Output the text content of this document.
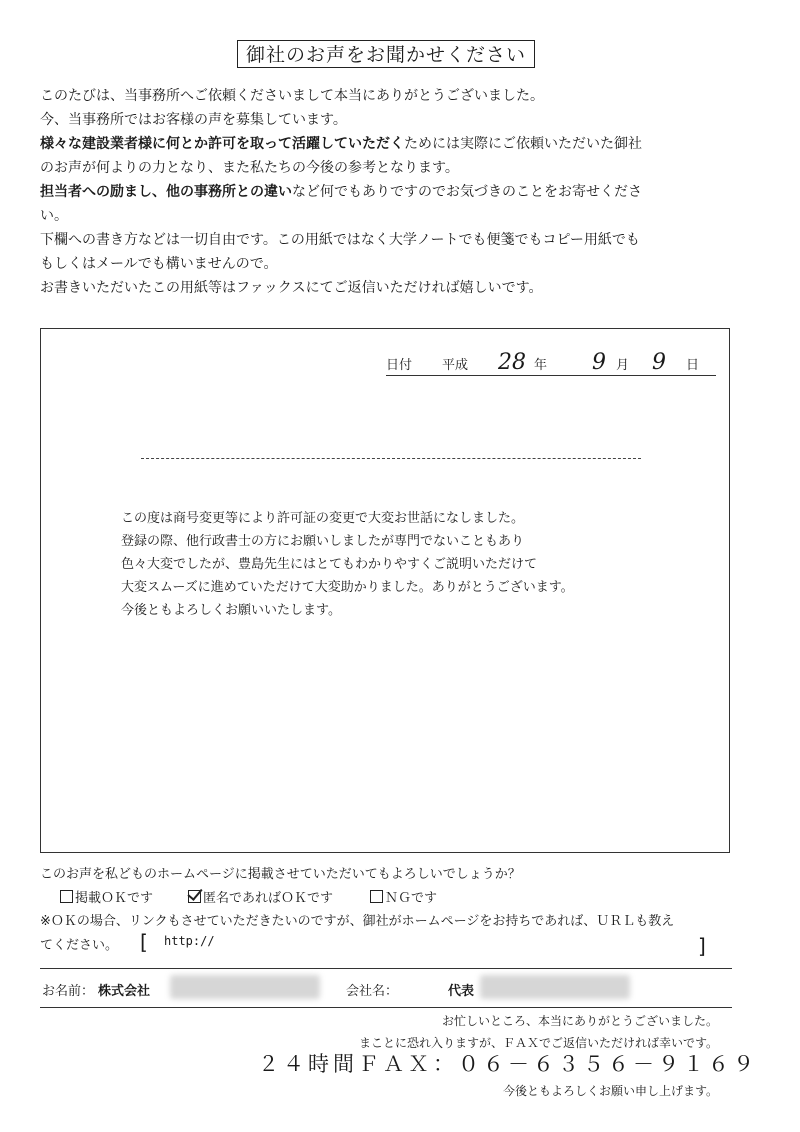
御社のお声をお聞かせください

このたびは、当事務所へご依頼くださいまして本当にありがとうございました。

今、当事務所ではお客様の声を募集しています。

様々な建設業者様に何とか許可を取って活躍していただくためには実際にご依頼いただいた御社

のお声が何よりの力となり、また私たちの今後の参考となります。

担当者への励まし、他の事務所との違いなど何でもありですのでお気づきのことをお寄せくださ

い。

下欄への書き方などは一切自由です。この用紙ではなく大学ノートでも便箋でもコピー用紙でも

もしくはメールでも構いませんので。

お書きいただいたこの用紙等はファックスにてご返信いただければ嬉しいです。

日付 平成 28 年 9 月 9 日

この度は商号変更等により許可証の変更で大変お世話になしました。

登録の際、他行政書士の方にお願いしましたが専門でないこともあり

色々大変でしたが、豊島先生にはとてもわかりやすくご説明いただけて

大変スムーズに進めていただけて大変助かりました。ありがとうございます。

今後ともよろしくお願いいたします。

このお声を私どものホームページに掲載させていただいてもよろしいでしょうか？
掲載ＯＫです	匿名であればＯＫです	ＮＧです
※ＯＫの場合、リンクもさせていただきたいのですが、御社がホームページをお持ちであれば、ＵＲＬも教え
てください。 [ http://	]
お名前： 株式会社	会社名：	代表
お忙しいところ、本当にありがとうございました。
まことに恐れ入りますが、ＦＡＸでご返信いただければ幸いです。
２４時間ＦＡＸ：０６－６３５６－９１６９
今後ともよろしくお願い申し上げます。
